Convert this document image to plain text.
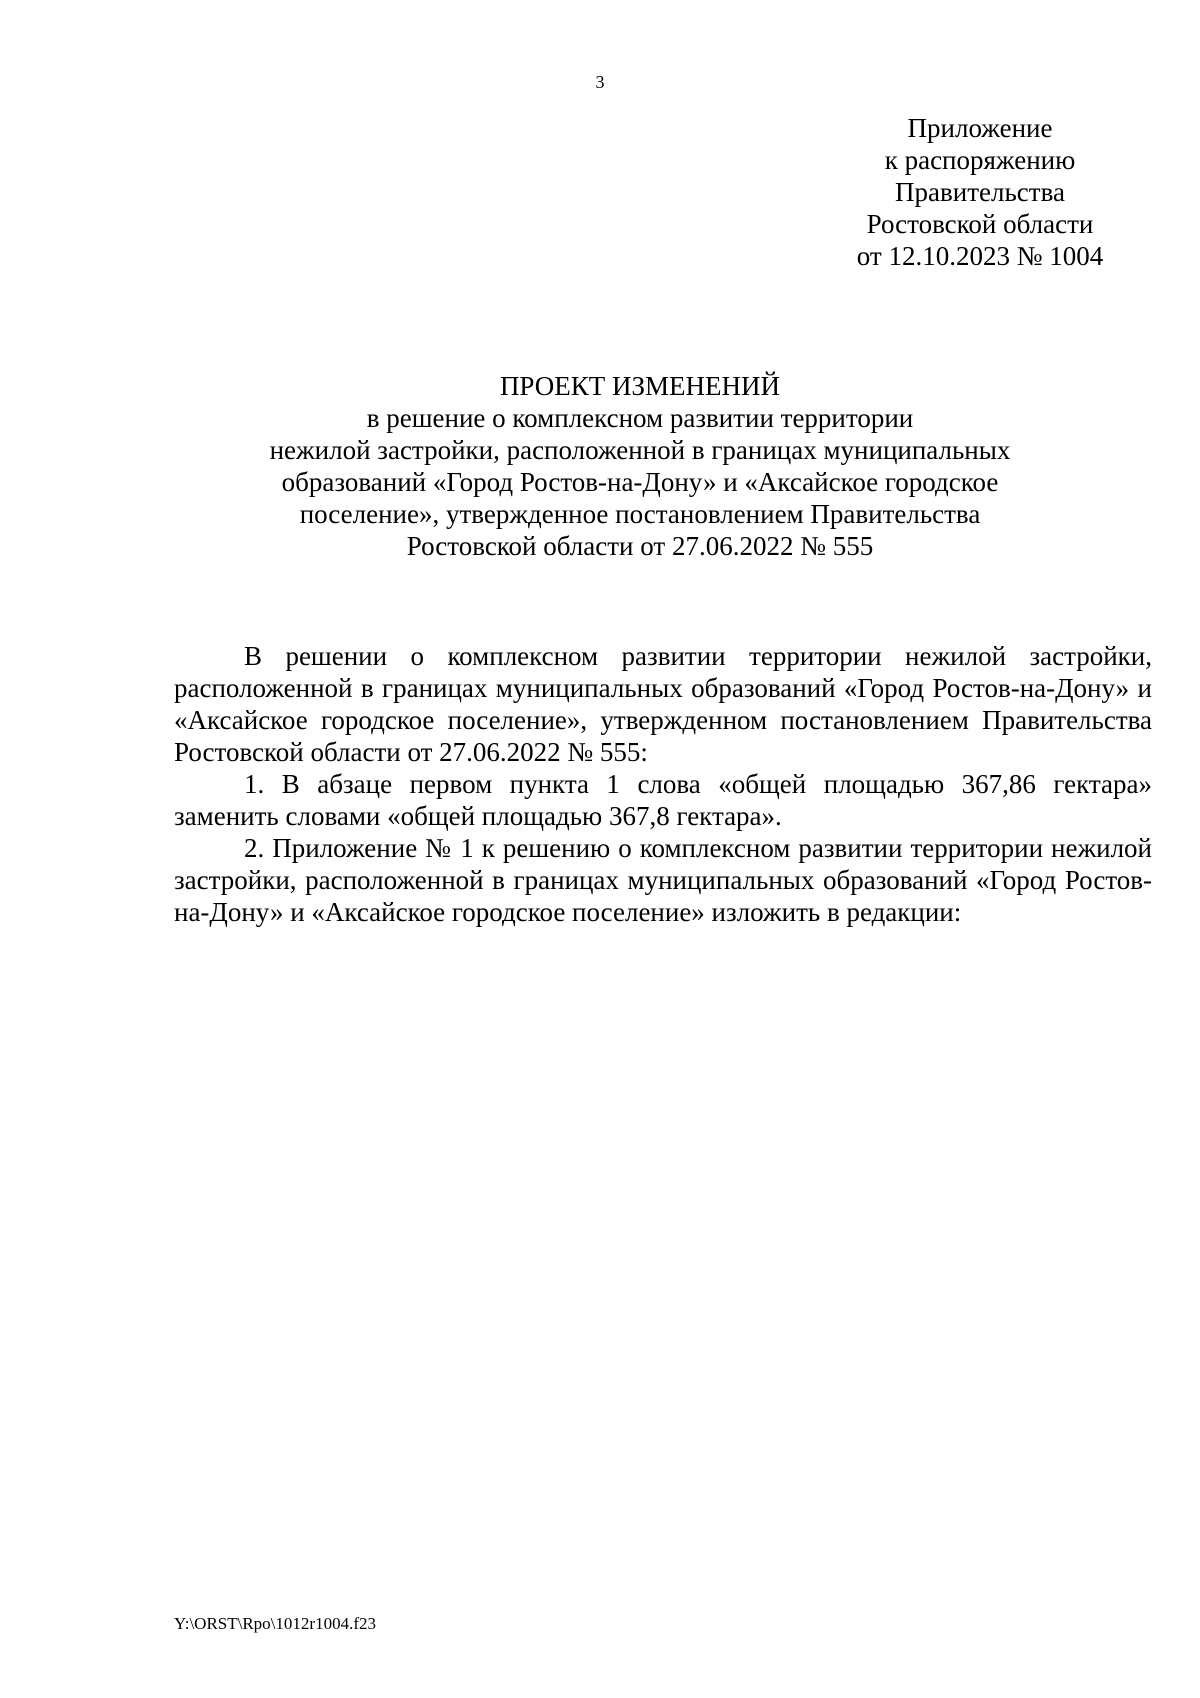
3
Приложение
к распоряжению
Правительства
Ростовской области
от 12.10.2023 № 1004
ПРОЕКТ ИЗМЕНЕНИЙ
в решение о комплексном развитии территории
нежилой застройки, расположенной в границах муниципальных
образований «Город Ростов-на-Дону» и «Аксайское городское
поселение», утвержденное постановлением Правительства
Ростовской области от 27.06.2022 № 555

В решении о комплексном развитии территории нежилой застройки, расположенной в границах муниципальных образований «Город Ростов-на-Дону» и «Аксайское городское поселение», утвержденном постановлением Правительства Ростовской области от 27.06.2022 № 555:

1. В абзаце первом пункта 1 слова «общей площадью 367,86 гектара» заменить словами «общей площадью 367,8 гектара».

2. Приложение № 1 к решению о комплексном развитии территории нежилой застройки, расположенной в границах муниципальных образований «Город Ростов-на-Дону» и «Аксайское городское поселение» изложить в редакции:

Y:\ORST\Rpo\1012r1004.f23
